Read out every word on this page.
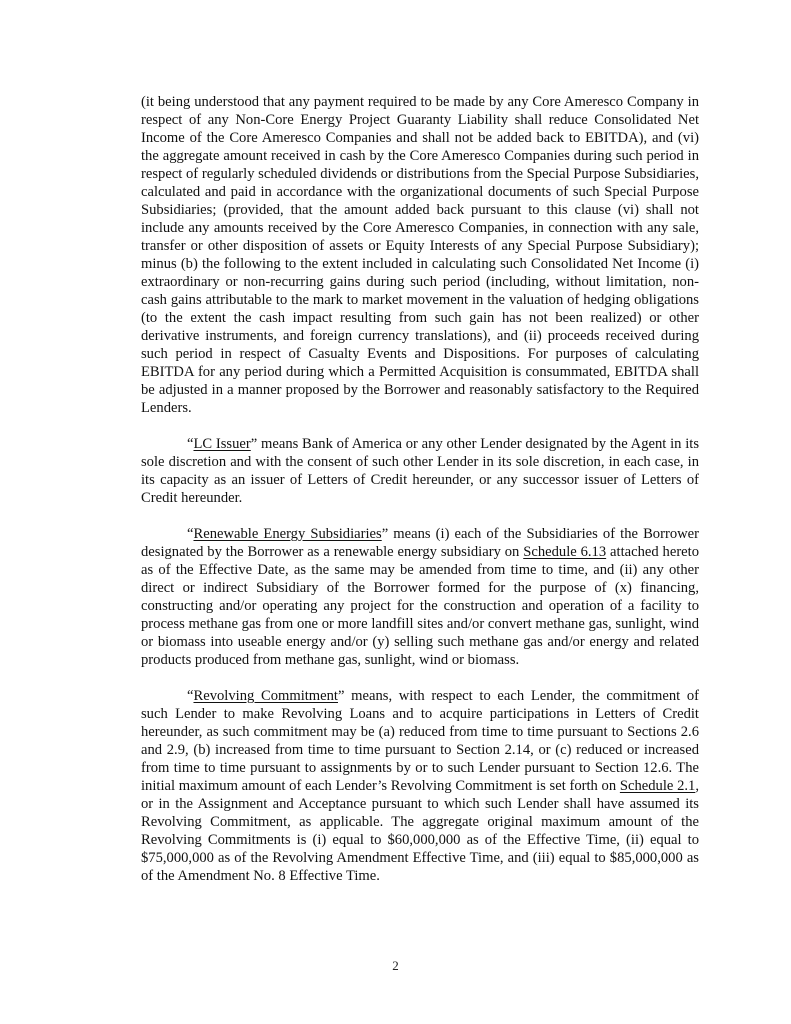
(it being understood that any payment required to be made by any Core Ameresco Company in respect of any Non-Core Energy Project Guaranty Liability shall reduce Consolidated Net Income of the Core Ameresco Companies and shall not be added back to EBITDA), and (vi) the aggregate amount received in cash by the Core Ameresco Companies during such period in respect of regularly scheduled dividends or distributions from the Special Purpose Subsidiaries, calculated and paid in accordance with the organizational documents of such Special Purpose Subsidiaries; (provided, that the amount added back pursuant to this clause (vi) shall not include any amounts received by the Core Ameresco Companies, in connection with any sale, transfer or other disposition of assets or Equity Interests of any Special Purpose Subsidiary); minus (b) the following to the extent included in calculating such Consolidated Net Income (i) extraordinary or non-recurring gains during such period (including, without limitation, non-cash gains attributable to the mark to market movement in the valuation of hedging obligations (to the extent the cash impact resulting from such gain has not been realized) or other derivative instruments, and foreign currency translations), and (ii) proceeds received during such period in respect of Casualty Events and Dispositions. For purposes of calculating EBITDA for any period during which a Permitted Acquisition is consummated, EBITDA shall be adjusted in a manner proposed by the Borrower and reasonably satisfactory to the Required Lenders.

“LC Issuer” means Bank of America or any other Lender designated by the Agent in its sole discretion and with the consent of such other Lender in its sole discretion, in each case, in its capacity as an issuer of Letters of Credit hereunder, or any successor issuer of Letters of Credit hereunder.

“Renewable Energy Subsidiaries” means (i) each of the Subsidiaries of the Borrower designated by the Borrower as a renewable energy subsidiary on Schedule 6.13 attached hereto as of the Effective Date, as the same may be amended from time to time, and (ii) any other direct or indirect Subsidiary of the Borrower formed for the purpose of (x) financing, constructing and/or operating any project for the construction and operation of a facility to process methane gas from one or more landfill sites and/or convert methane gas, sunlight, wind or biomass into useable energy and/or (y) selling such methane gas and/or energy and related products produced from methane gas, sunlight, wind or biomass.

“Revolving Commitment” means, with respect to each Lender, the commitment of such Lender to make Revolving Loans and to acquire participations in Letters of Credit hereunder, as such commitment may be (a) reduced from time to time pursuant to Sections 2.6 and 2.9, (b) increased from time to time pursuant to Section 2.14, or (c) reduced or increased from time to time pursuant to assignments by or to such Lender pursuant to Section 12.6. The initial maximum amount of each Lender’s Revolving Commitment is set forth on Schedule 2.1, or in the Assignment and Acceptance pursuant to which such Lender shall have assumed its Revolving Commitment, as applicable. The aggregate original maximum amount of the Revolving Commitments is (i) equal to $60,000,000 as of the Effective Time, (ii) equal to $75,000,000 as of the Revolving Amendment Effective Time, and (iii) equal to $85,000,000 as of the Amendment No. 8 Effective Time.

2
